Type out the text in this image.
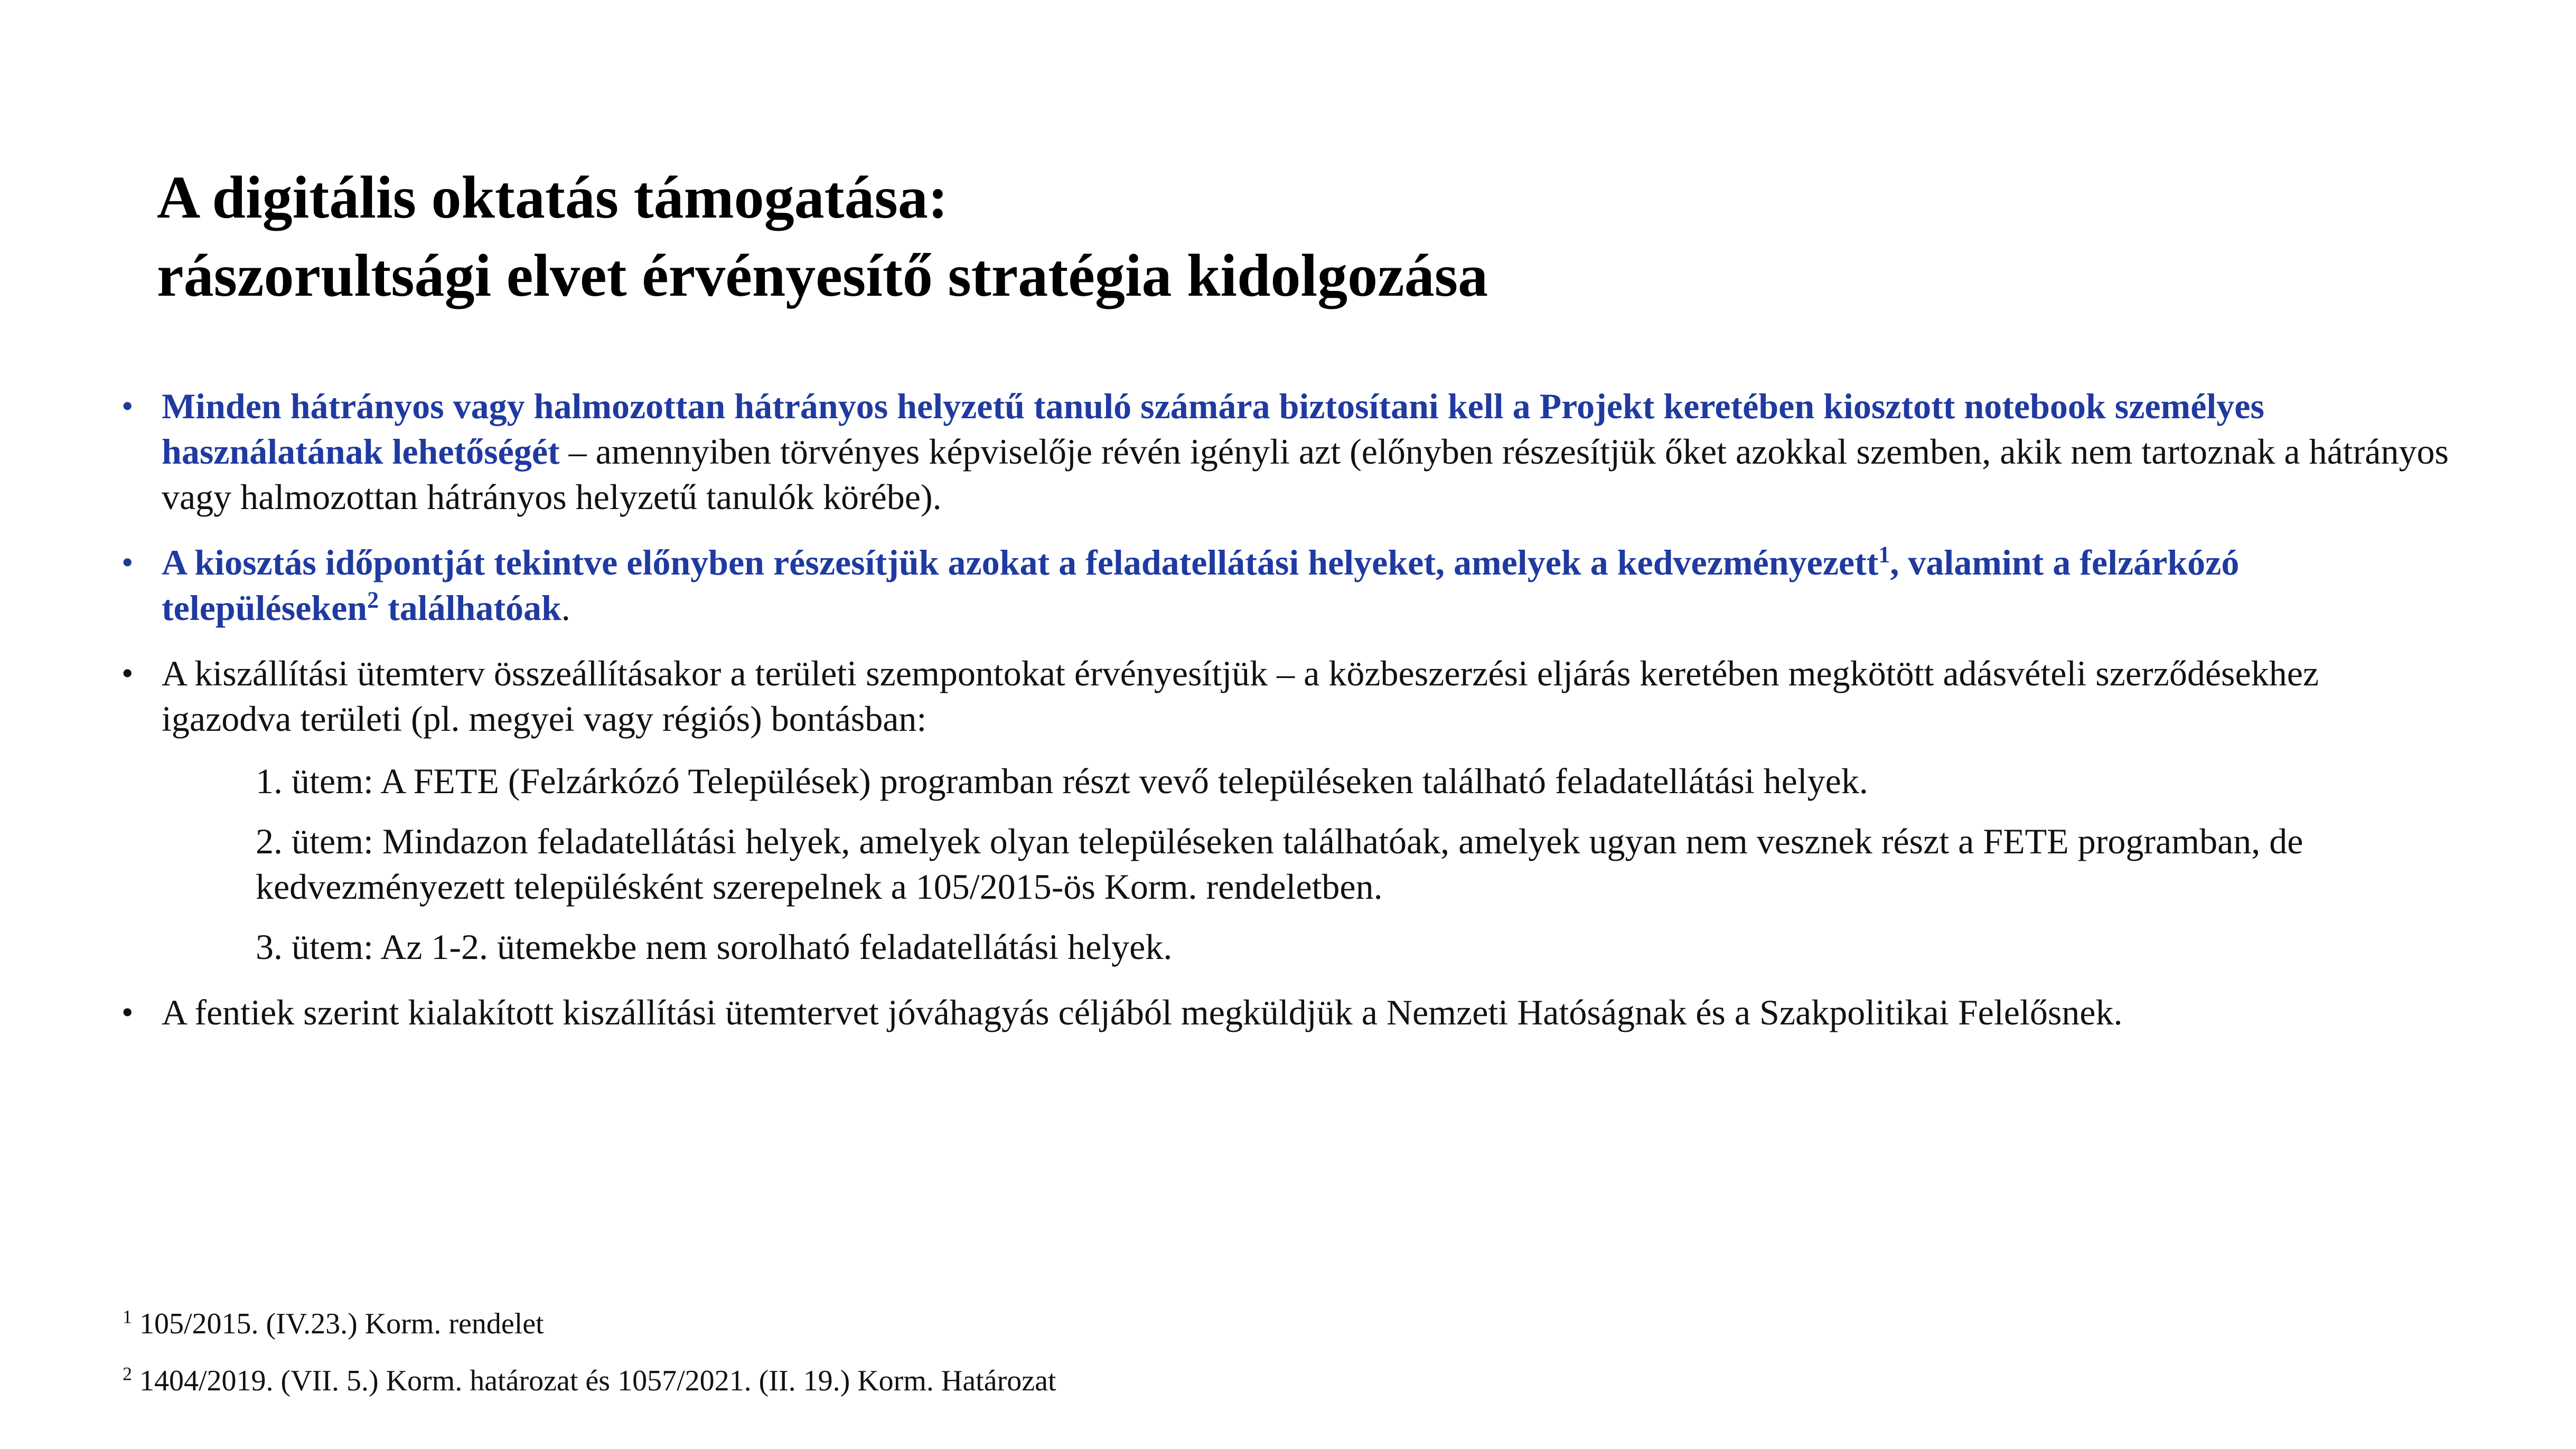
A digitális oktatás támogatása:
rászorultsági elvet érvényesítő stratégia kidolgozása
• Minden hátrányos vagy halmozottan hátrányos helyzetű tanuló számára biztosítani kell a Projekt keretében kiosztott notebook személyes használatának lehetőségét – amennyiben törvényes képviselője révén igényli azt (előnyben részesítjük őket azokkal szemben, akik nem tartoznak a hátrányos vagy halmozottan hátrányos helyzetű tanulók körébe).
• A kiosztás időpontját tekintve előnyben részesítjük azokat a feladatellátási helyeket, amelyek a kedvezményezett$^1$, valamint a felzárkózó településeken$^2$ találhatóak.
• A kiszállítási ütemterv összeállításakor a területi szempontokat érvényesítjük – a közbeszerzési eljárás keretében megkötött adásvételi szerződésekhez igazodva területi (pl. megyei vagy régiós) bontásban:
1. ütem: A FETE (Felzárkózó Települések) programban részt vevő településeken található feladatellátási helyek.
2. ütem: Mindazon feladatellátási helyek, amelyek olyan településeken találhatóak, amelyek ugyan nem vesznek részt a FETE programban, de kedvezményezett településként szerepelnek a 105/2015-ös Korm. rendeletben.
3. ütem: Az 1-2. ütemekbe nem sorolható feladatellátási helyek.
• A fentiek szerint kialakított kiszállítási ütemtervet jóváhagyás céljából megküldjük a Nemzeti Hatóságnak és a Szakpolitikai Felelősnek.
$^1$ 105/2015. (IV.23.) Korm. rendelet
$^2$ 1404/2019. (VII. 5.) Korm. határozat és 1057/2021. (II. 19.) Korm. Határozat
